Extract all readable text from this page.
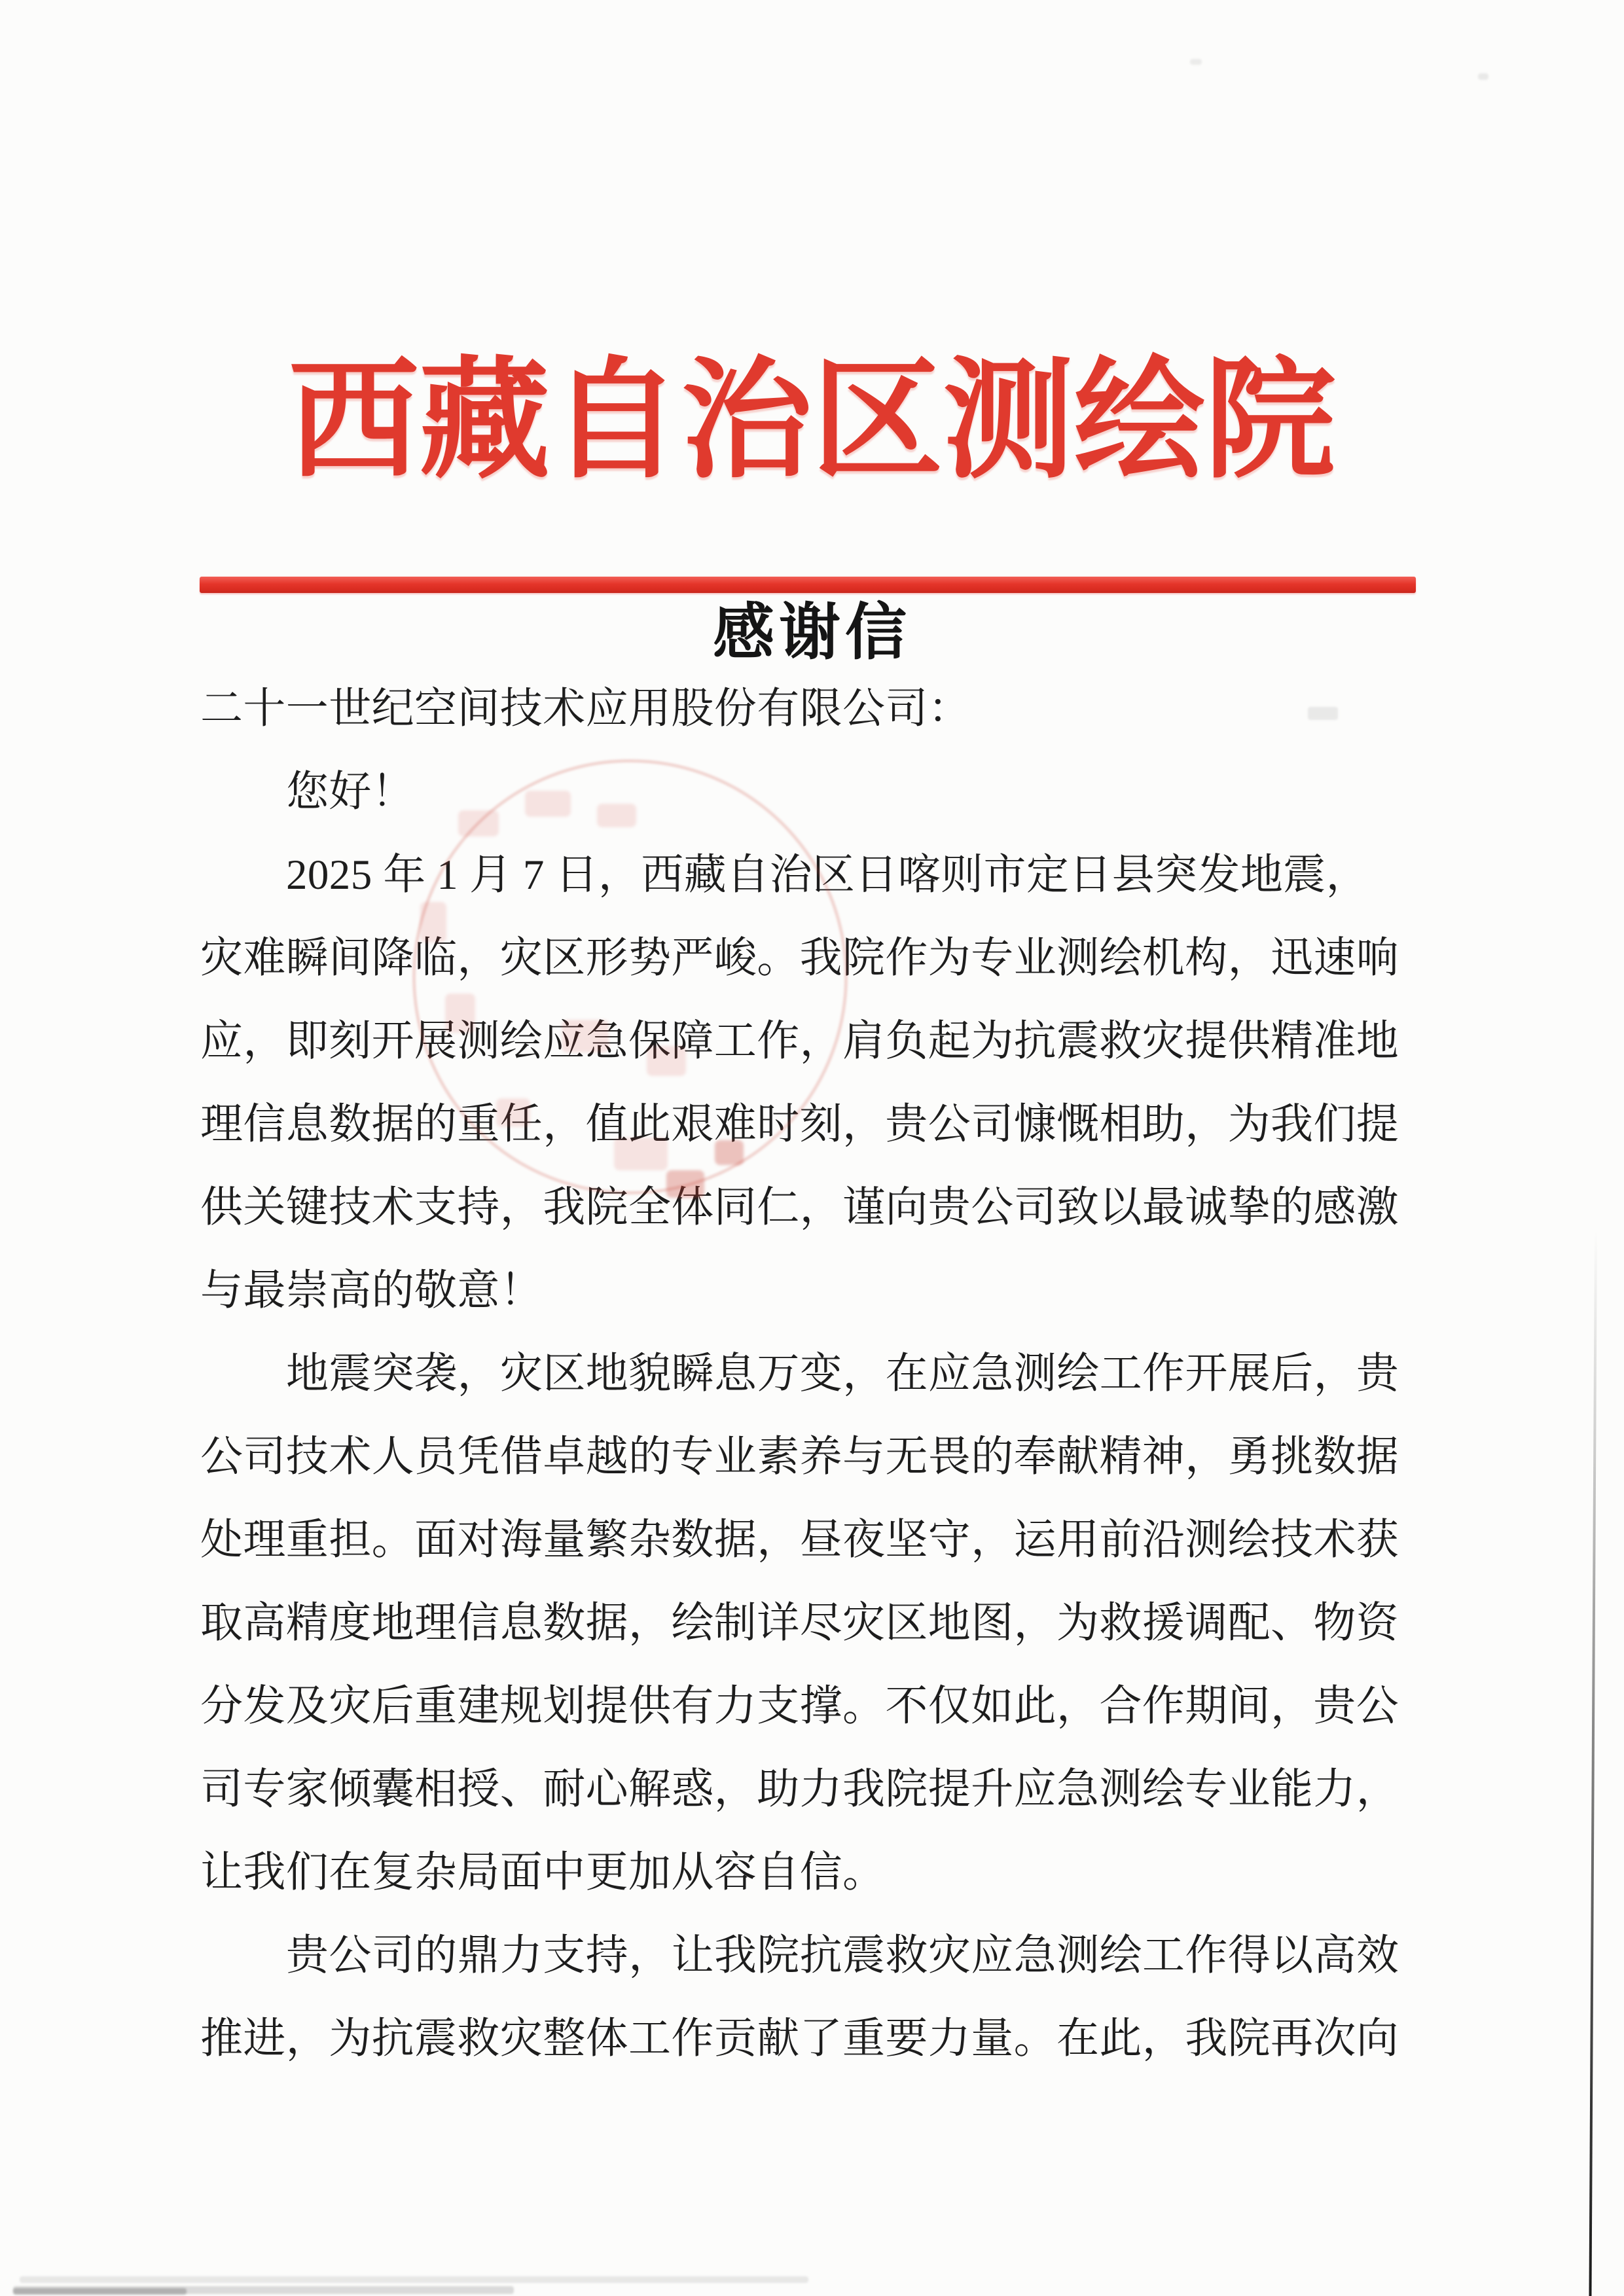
西藏自治区测绘院
感谢信
二十一世纪空间技术应用股份有限公司：
您好！
2025 年 1 月 7 日，西藏自治区日喀则市定日县突发地震，
灾难瞬间降临，灾区形势严峻。我院作为专业测绘机构，迅速响
应，即刻开展测绘应急保障工作，肩负起为抗震救灾提供精准地
理信息数据的重任，值此艰难时刻，贵公司慷慨相助，为我们提
供关键技术支持，我院全体同仁，谨向贵公司致以最诚挚的感激
与最崇高的敬意！
地震突袭，灾区地貌瞬息万变，在应急测绘工作开展后，贵
公司技术人员凭借卓越的专业素养与无畏的奉献精神，勇挑数据
处理重担。面对海量繁杂数据，昼夜坚守，运用前沿测绘技术获
取高精度地理信息数据，绘制详尽灾区地图，为救援调配、物资
分发及灾后重建规划提供有力支撑。不仅如此，合作期间，贵公
司专家倾囊相授、耐心解惑，助力我院提升应急测绘专业能力，
让我们在复杂局面中更加从容自信。
贵公司的鼎力支持，让我院抗震救灾应急测绘工作得以高效
推进，为抗震救灾整体工作贡献了重要力量。在此，我院再次向
